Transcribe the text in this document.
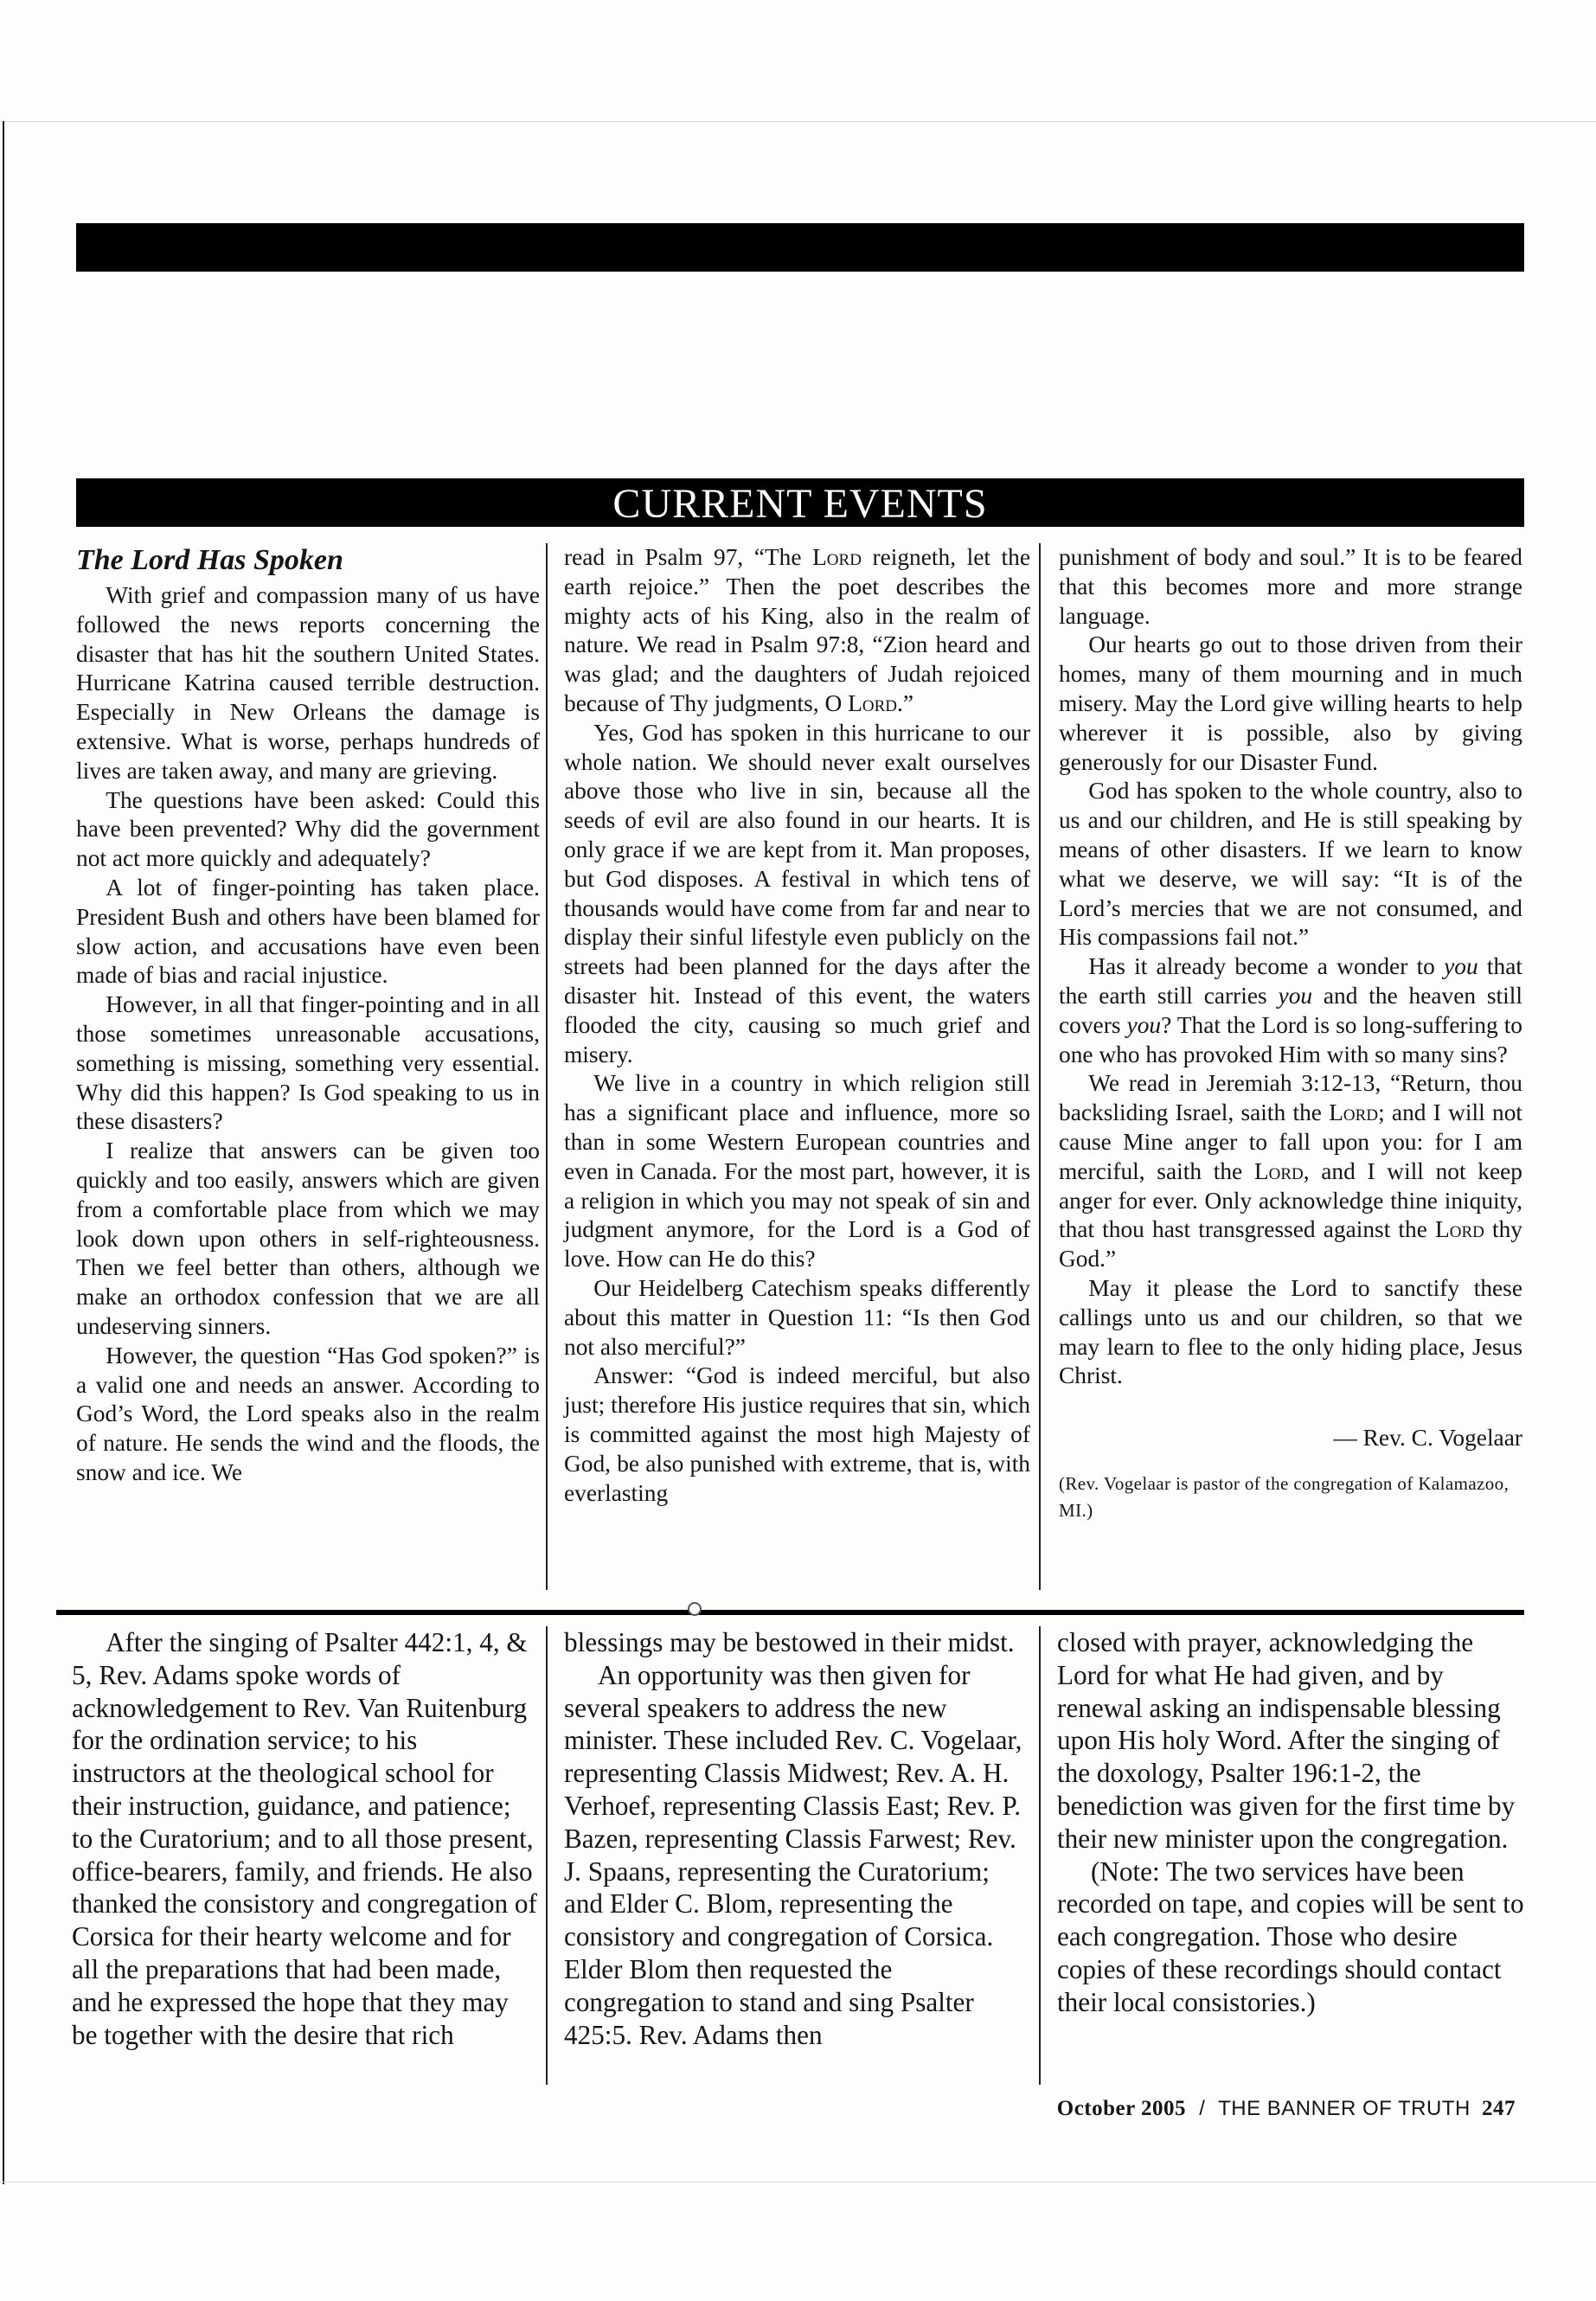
CURRENT EVENTS
The Lord Has Spoken

With grief and compassion many of us have followed the news reports concerning the disaster that has hit the southern United States. Hurricane Katrina caused terrible destruction. Especially in New Orleans the damage is extensive. What is worse, perhaps hundreds of lives are taken away, and many are grieving.

The questions have been asked: Could this have been prevented? Why did the government not act more quickly and adequately?

A lot of finger-pointing has taken place. President Bush and others have been blamed for slow action, and accusations have even been made of bias and racial injustice.

However, in all that finger-pointing and in all those sometimes unreasonable accusations, something is missing, something very essential. Why did this happen? Is God speaking to us in these disasters?

I realize that answers can be given too quickly and too easily, answers which are given from a comfortable place from which we may look down upon others in self-righteousness. Then we feel better than others, although we make an orthodox confession that we are all undeserving sinners.

However, the question “Has God spoken?” is a valid one and needs an answer. According to God’s Word, the Lord speaks also in the realm of nature. He sends the wind and the floods, the snow and ice. We

read in Psalm 97, “The Lord reigneth, let the earth rejoice.” Then the poet describes the mighty acts of his King, also in the realm of nature. We read in Psalm 97:8, “Zion heard and was glad; and the daughters of Judah rejoiced because of Thy judgments, O Lord.”

Yes, God has spoken in this hurricane to our whole nation. We should never exalt ourselves above those who live in sin, because all the seeds of evil are also found in our hearts. It is only grace if we are kept from it. Man proposes, but God disposes. A festival in which tens of thousands would have come from far and near to display their sinful lifestyle even publicly on the streets had been planned for the days after the disaster hit. Instead of this event, the waters flooded the city, causing so much grief and misery.

We live in a country in which religion still has a significant place and influence, more so than in some Western European countries and even in Canada. For the most part, however, it is a religion in which you may not speak of sin and judgment anymore, for the Lord is a God of love. How can He do this?

Our Heidelberg Catechism speaks differently about this matter in Question 11: “Is then God not also merciful?”

Answer: “God is indeed merciful, but also just; therefore His justice requires that sin, which is committed against the most high Majesty of God, be also punished with extreme, that is, with everlasting

punishment of body and soul.” It is to be feared that this becomes more and more strange language.

Our hearts go out to those driven from their homes, many of them mourning and in much misery. May the Lord give willing hearts to help wherever it is possible, also by giving generously for our Disaster Fund.

God has spoken to the whole country, also to us and our children, and He is still speaking by means of other disasters. If we learn to know what we deserve, we will say: “It is of the Lord’s mercies that we are not consumed, and His compassions fail not.”

Has it already become a wonder to you that the earth still carries you and the heaven still covers you? That the Lord is so long-suffering to one who has provoked Him with so many sins?

We read in Jeremiah 3:12-13, “Return, thou backsliding Israel, saith the Lord; and I will not cause Mine anger to fall upon you: for I am merciful, saith the Lord, and I will not keep anger for ever. Only acknowledge thine iniquity, that thou hast transgressed against the Lord thy God.”

May it please the Lord to sanctify these callings unto us and our children, so that we may learn to flee to the only hiding place, Jesus Christ.

— Rev. C. Vogelaar

(Rev. Vogelaar is pastor of the congregation of Kalamazoo, MI.)

After the singing of Psalter 442:1, 4, & 5, Rev. Adams spoke words of acknowledgement to Rev. Van Ruitenburg for the ordination service; to his instructors at the theological school for their instruction, guidance, and patience; to the Curatorium; and to all those present, office-bearers, family, and friends. He also thanked the consistory and congregation of Corsica for their hearty welcome and for all the preparations that had been made, and he expressed the hope that they may be together with the desire that rich

blessings may be bestowed in their midst.

An opportunity was then given for several speakers to address the new minister. These included Rev. C. Vogelaar, representing Classis Midwest; Rev. A. H. Verhoef, representing Classis East; Rev. P. Bazen, representing Classis Farwest; Rev. J. Spaans, representing the Curatorium; and Elder C. Blom, representing the consistory and congregation of Corsica. Elder Blom then requested the congregation to stand and sing Psalter 425:5. Rev. Adams then

closed with prayer, acknowledging the Lord for what He had given, and by renewal asking an indispensable blessing upon His holy Word. After the singing of the doxology, Psalter 196:1-2, the benediction was given for the first time by their new minister upon the congregation.

(Note: The two services have been recorded on tape, and copies will be sent to each congregation. Those who desire copies of these recordings should contact their local consistories.)

October 2005 / THE BANNER OF TRUTH 247
